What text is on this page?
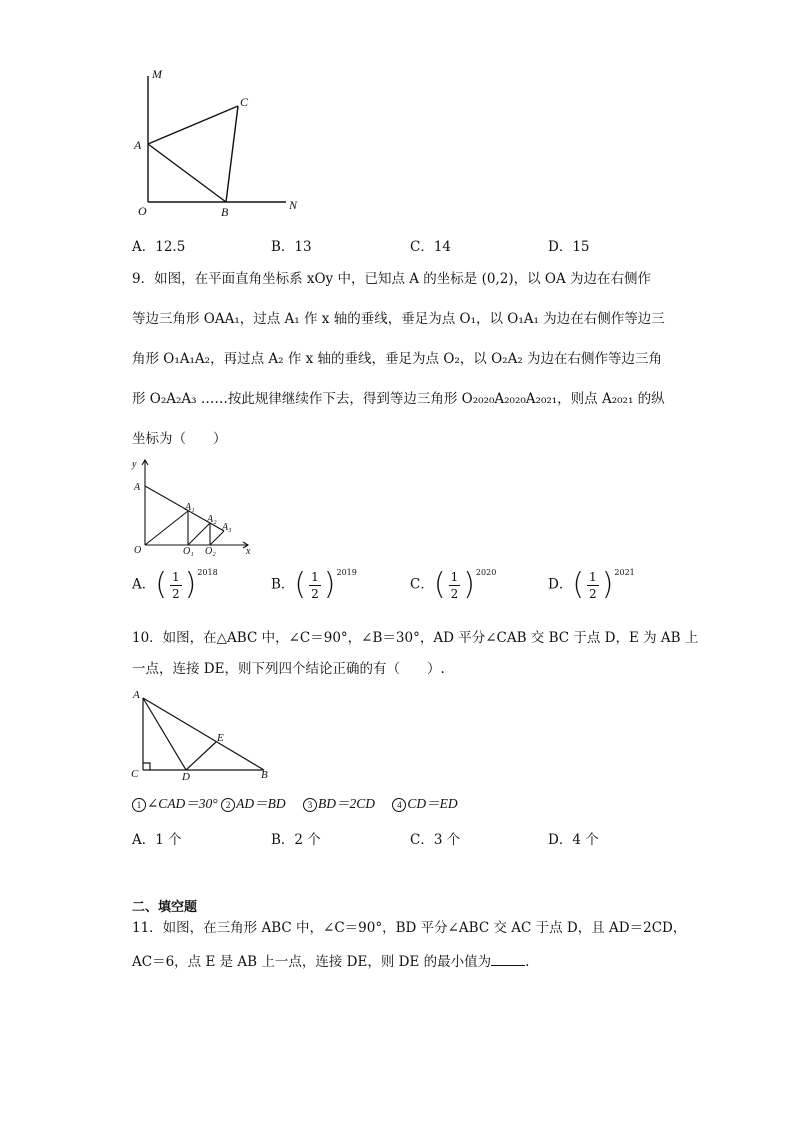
M
C
A
O	B	N
A．12.5	B．13	C．14	D．15
9．如图，在平面直角坐标系 xOy 中，已知点 A 的坐标是 (0,2)，以 OA 为边在右侧作
等边三角形 OAA₁，过点 A₁ 作 x 轴的垂线，垂足为点 O₁，以 O₁A₁ 为边在右侧作等边三
角形 O₁A₁A₂，再过点 A₂ 作 x 轴的垂线，垂足为点 O₂，以 O₂A₂ 为边在右侧作等边三角
形 O₂A₂A₃ ……按此规律继续作下去，得到等边三角形 O₂₀₂₀A₂₀₂₀A₂₀₂₁，则点 A₂₀₂₁ 的纵
坐标为（　　）
y
A
A₁
A₂
A₃
O	O₁ O₂	x
A．( $\frac{1}{2} )^{2018}$
B．( $\frac{1}{2} )^{2019}$
C．( $\frac{1}{2} )^{2020}$
D．( $\frac{1}{2} )^{2021}$
10．如图，在△ABC 中，∠C＝90°，∠B＝30°，AD 平分∠CAB 交 BC 于点 D，E 为 AB 上
一点，连接 DE，则下列四个结论正确的有（　　）.
A
E
C	D	B
1 ∠CAD＝30° 2 AD＝BD 3 BD＝2CD 4 CD＝ED
A．1 个	B．2 个	C．3 个	D．4 个
二、填空题
11．如图，在三角形 ABC 中，∠C＝90°，BD 平分∠ABC 交 AC 于点 D，且 AD＝2CD，
AC＝6，点 E 是 AB 上一点，连接 DE，则 DE 的最小值为	.
